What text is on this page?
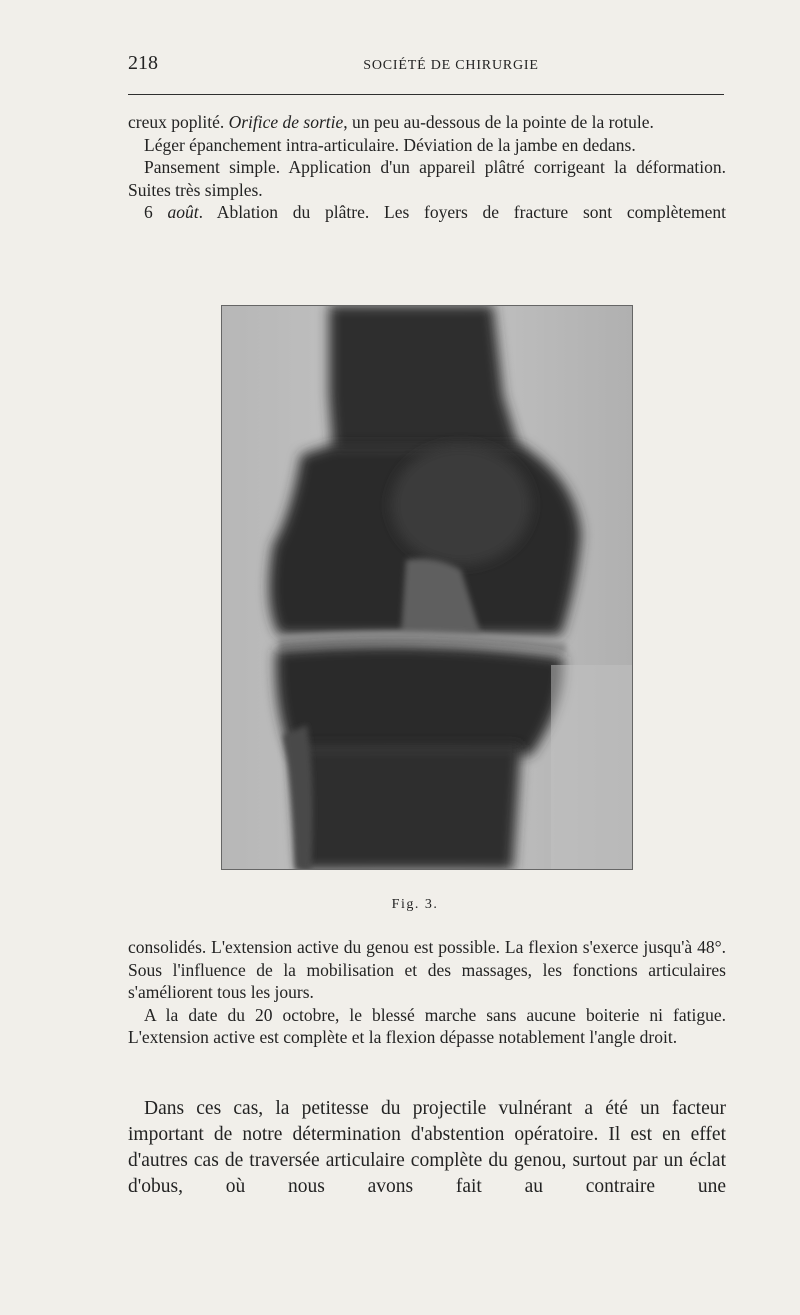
218	SOCIÉTÉ DE CHIRURGIE

creux poplité. Orifice de sortie, un peu au-dessous de la pointe de la rotule.

Léger épanchement intra-articulaire. Déviation de la jambe en dedans.

Pansement simple. Application d'un appareil plâtré corrigeant la déformation. Suites très simples.

6 août. Ablation du plâtre. Les foyers de fracture sont complètement

Fig. 3.

consolidés. L'extension active du genou est possible. La flexion s'exerce jusqu'à 48°. Sous l'influence de la mobilisation et des massages, les fonctions articulaires s'améliorent tous les jours.

A la date du 20 octobre, le blessé marche sans aucune boiterie ni fatigue. L'extension active est complète et la flexion dépasse notablement l'angle droit.

Dans ces cas, la petitesse du projectile vulnérant a été un facteur important de notre détermination d'abstention opératoire. Il est en effet d'autres cas de traversée articulaire complète du genou, surtout par un éclat d'obus, où nous avons fait au contraire une
